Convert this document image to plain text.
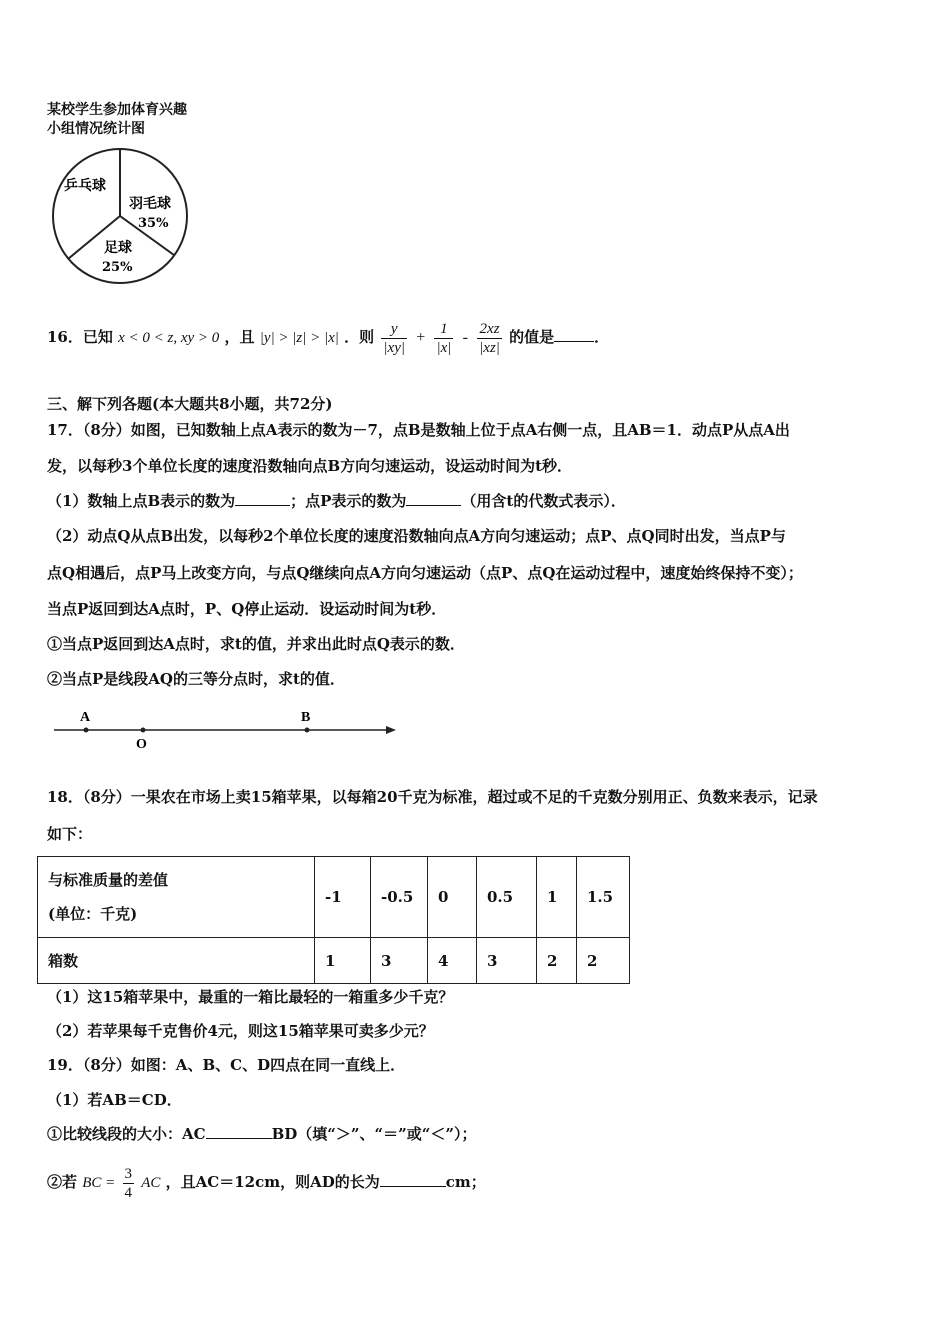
某校学生参加体育兴趣
小组情况统计图
乒乓球
羽毛球
35%
足球
25%
16．已知 x < 0 < z, xy > 0 ，且 |y| > |z| > |x| ．则 $\frac{y}{|xy|} + \frac{1}{|x|} - \frac{2xz}{|xz|}$ 的值是	．
三、解下列各题(本大题共8小题，共72分)
17．（8分）如图，已知数轴上点A表示的数为－7，点B是数轴上位于点A右侧一点，且AB＝1．动点P从点A出
发，以每秒3个单位长度的速度沿数轴向点B方向匀速运动，设运动时间为t秒．
（1）数轴上点B表示的数为	；点P表示的数为	（用含t的代数式表示）．
（2）动点Q从点B出发，以每秒2个单位长度的速度沿数轴向点A方向匀速运动；点P、点Q同时出发，当点P与
点Q相遇后，点P马上改变方向，与点Q继续向点A方向匀速运动（点P、点Q在运动过程中，速度始终保持不变）；
当点P返回到达A点时，P、Q停止运动．设运动时间为t秒．
①当点P返回到达A点时，求t的值，并求出此时点Q表示的数．
②当点P是线段AQ的三等分点时，求t的值．
A
O
B
18．（8分）一果农在市场上卖15箱苹果，以每箱20千克为标准，超过或不足的千克数分别用正、负数来表示，记录
如下：
与标准质量的差值
(单位：千克)	-1	-0.5	0	0.5	1	1.5
箱数	1	3	4	3	2	2
（1）这15箱苹果中，最重的一箱比最轻的一箱重多少千克？
（2）若苹果每千克售价4元，则这15箱苹果可卖多少元？
19．（8分）如图：A、B、C、D四点在同一直线上．
（1）若AB＝CD．
①比较线段的大小：AC	BD（填“＞”、“＝”或“＜”）；
②若 BC = $\frac{3}{4}$ AC ，且AC＝12cm，则AD的长为	cm；
